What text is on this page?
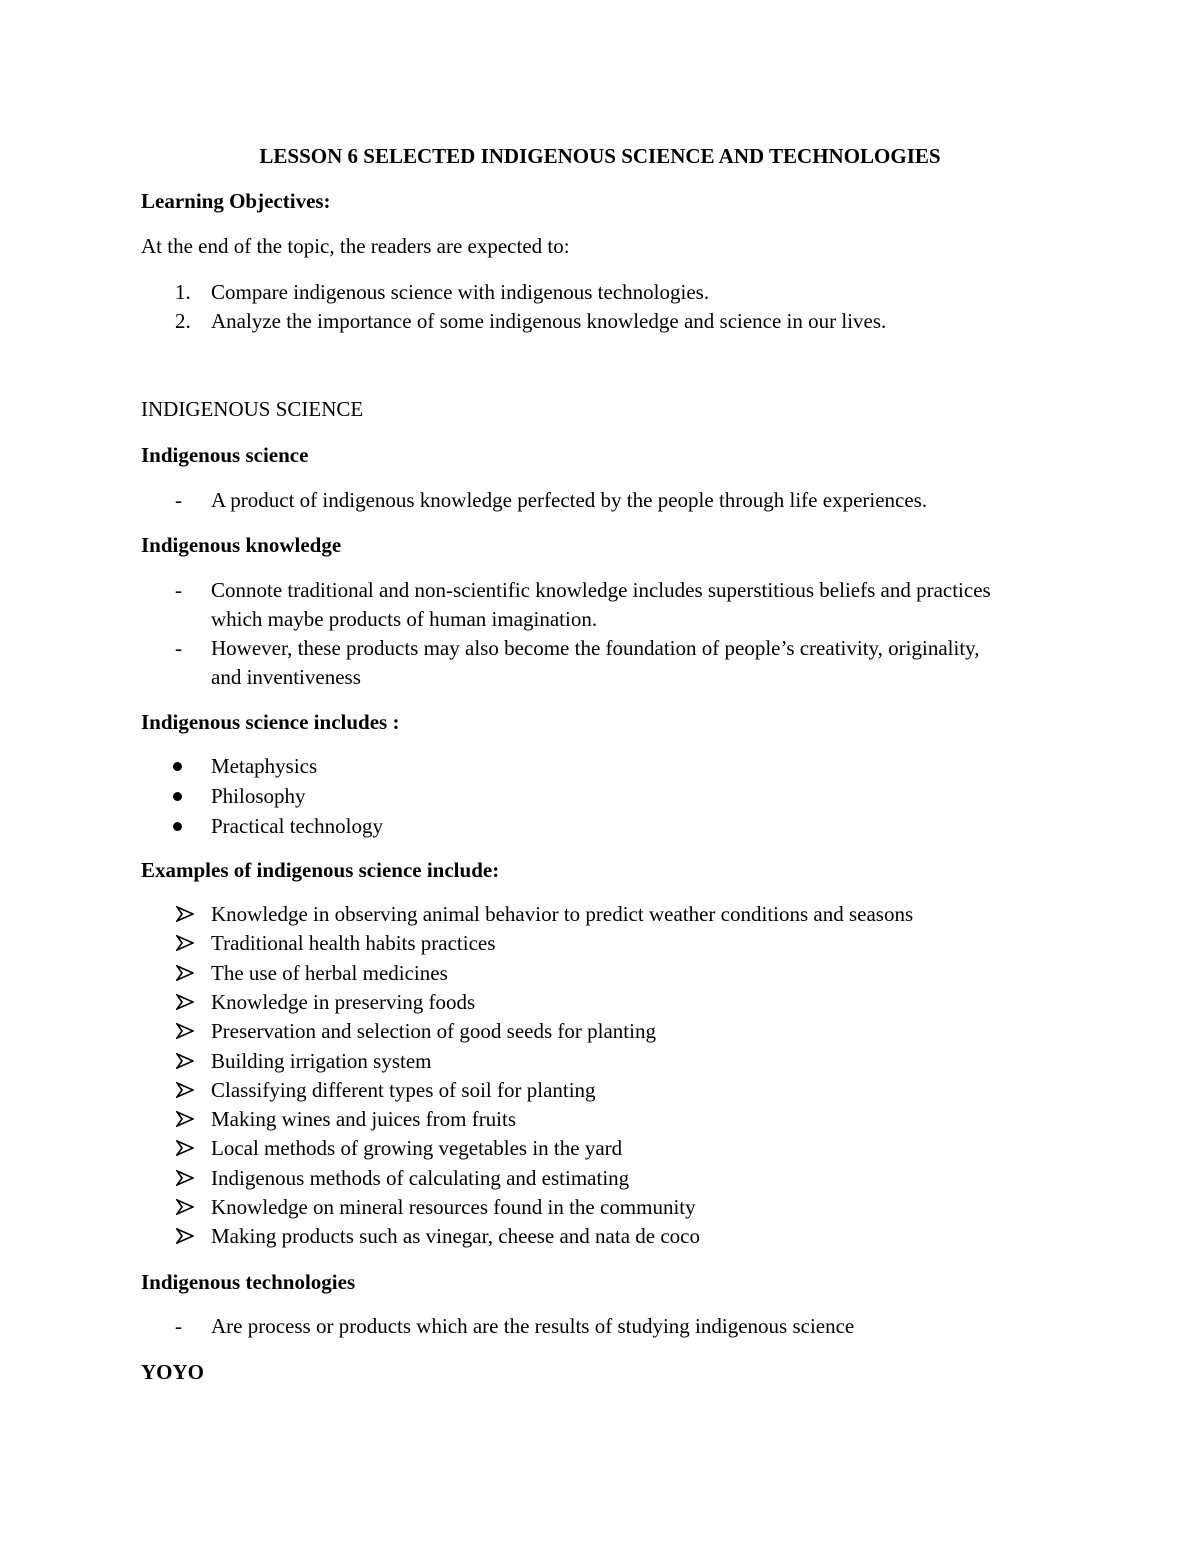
LESSON 6 SELECTED INDIGENOUS SCIENCE AND TECHNOLOGIES
Learning Objectives:
At the end of the topic, the readers are expected to:
1. Compare indigenous science with indigenous technologies.
2. Analyze the importance of some indigenous knowledge and science in our lives.
INDIGENOUS SCIENCE
Indigenous science
-	A product of indigenous knowledge perfected by the people through life experiences.
Indigenous knowledge
-	Connote traditional and non-scientific knowledge includes superstitious beliefs and practices which maybe products of human imagination.
-	However, these products may also become the foundation of people’s creativity, originality, and inventiveness
Indigenous science includes :
Metaphysics
Philosophy
Practical technology
Examples of indigenous science include:
Knowledge in observing animal behavior to predict weather conditions and seasons
Traditional health habits practices
The use of herbal medicines
Knowledge in preserving foods
Preservation and selection of good seeds for planting
Building irrigation system
Classifying different types of soil for planting
Making wines and juices from fruits
Local methods of growing vegetables in the yard
Indigenous methods of calculating and estimating
Knowledge on mineral resources found in the community
Making products such as vinegar, cheese and nata de coco
Indigenous technologies
-	Are process or products which are the results of studying indigenous science
YOYO
